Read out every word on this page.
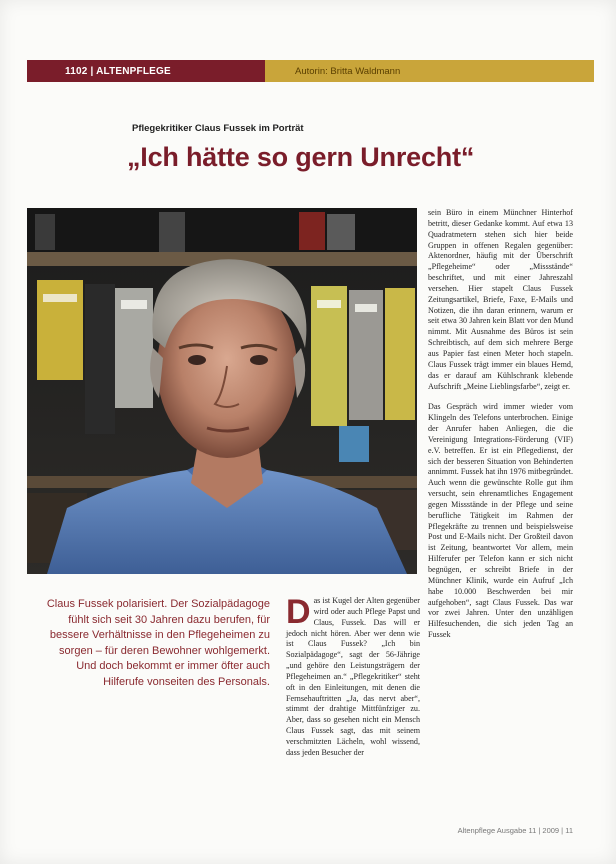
1102 | ALTENPFLEGE	Autorin: Britta Waldmann
Pflegekritiker Claus Fussek im Porträt
„Ich hätte so gern Unrecht“
Claus Fussek polarisiert. Der Sozialpädagoge fühlt sich seit 30 Jahren dazu berufen, für bessere Verhältnisse in den Pflegeheimen zu sorgen – für deren Bewohner wohlgemerkt. Und doch bekommt er immer öfter auch Hilferufe vonseiten des Personals.

sein Büro in einem Münchner Hinterhof betritt, dieser Gedanke kommt. Auf etwa 13 Quadratmetern stehen sich hier beide Gruppen in offenen Regalen gegenüber: Aktenordner, häufig mit der Überschrift „Pflegeheime“ oder „Missstände“ beschriftet, und mit einer Jahreszahl versehen. Hier stapelt Claus Fussek Zeitungsartikel, Briefe, Faxe, E-Mails und Notizen, die ihn daran erinnern, warum er seit etwa 30 Jahren kein Blatt vor den Mund nimmt. Mit Ausnahme des Büros ist sein Schreibtisch, auf dem sich mehrere Berge aus Papier fast einen Meter hoch stapeln. Claus Fussek trägt immer ein blaues Hemd, das er darauf am Kühlschrank klebende Aufschrift „Meine Lieblingsfarbe“, zeigt er.

Das Gespräch wird immer wieder vom Klingeln des Telefons unterbrochen. Einige der Anrufer haben Anliegen, die die Vereinigung Integrations-Förderung (VIF) e.V. betreffen. Er ist ein Pflegedienst, der sich der besseren Situation von Behinderten annimmt. Fussek hat ihn 1976 mitbegründet. Auch wenn die gewünschte Rolle gut ihm versucht, sein ehrenamtliches Engagement gegen Missstände in der Pflege und seine berufliche Tätigkeit im Rahmen der Pflegekräfte zu trennen und beispielsweise Post und E-Mails nicht. Der Großteil davon ist Zeitung, beantwortet Vor allem, mein Hilferufer per Telefon kann er sich nicht begnügen, er schreibt Briefe in der Münchner Klinik, wurde ein Aufruf „Ich habe 10.000 Beschwerden bei mir aufgehoben“, sagt Claus Fussek. Das war vor zwei Jahren. Unter den unzähligen Hilfesuchenden, die sich jeden Tag an Fussek

Das ist Kugel der Alten gegenüber wird oder auch Pflege Papst und Claus, Fussek. Das will er jedoch nicht hören. Aber wer denn wie ist Claus Fussek? „Ich bin Sozialpädagoge“, sagt der 56-Jährige „und gehöre den Leistungsträgern der Pflegeheimen an.“ „Pflegekritiker“ steht oft in den Einleitungen, mit denen die Fernsehauftritten „Ja, das nervt aber“, stimmt der drahtige Mittfünfziger zu. Aber, dass so gesehen nicht ein Mensch Claus Fussek sagt, das mit seinem verschmitzten Lächeln, wohl wissend, dass jeden Besucher der
Altenpflege Ausgabe 11 | 2009 | 11
